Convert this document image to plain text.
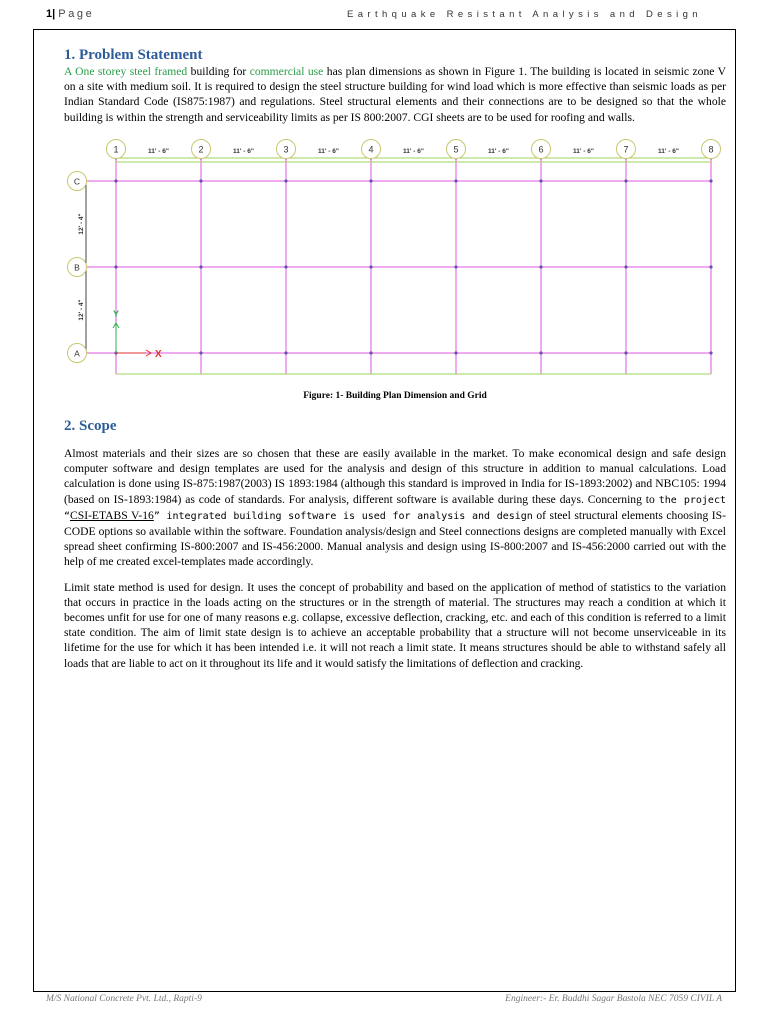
1| Page	Earthquake Resistant Analysis and Design
1. Problem Statement

A One storey steel framed building for commercial use has plan dimensions as shown in Figure 1. The building is located in seismic zone V on a site with medium soil. It is required to design the steel structure building for wind load which is more effective than seismic loads as per Indian Standard Code (IS875:1987) and regulations. Steel structural elements and their connections are to be designed so that the whole building is within the strength and serviceability limits as per IS 800:2007. CGI sheets are to be used for roofing and walls.

1	2	3	4	5	6	7	8
11' - 6"	11' - 6"	11' - 6"	11' - 6"	11' - 6"	11' - 6"	11' - 6"
C
B
A
12' - 4"
12' - 4"
X
Y
Figure: 1- Building Plan Dimension and Grid
2. Scope

Almost materials and their sizes are so chosen that these are easily available in the market. To make economical design and safe design computer software and design templates are used for the analysis and design of this structure in addition to manual calculations. Load calculation is done using IS-875:1987(2003) IS 1893:1984 (although this standard is improved in India for IS-1893:2002) and NBC105: 1994 (based on IS-1893:1984) as code of standards. For analysis, different software is available during these days. Concerning to the project “CSI-ETABS V-16” integrated building software is used for analysis and design of steel structural elements choosing IS-CODE options so available within the software. Foundation analysis/design and Steel connections designs are completed manually with Excel spread sheet confirming IS-800:2007 and IS-456:2000. Manual analysis and design using IS-800:2007 and IS-456:2000 carried out with the help of me created excel-templates made accordingly.

Limit state method is used for design. It uses the concept of probability and based on the application of method of statistics to the variation that occurs in practice in the loads acting on the structures or in the strength of material. The structures may reach a condition at which it becomes unfit for use for one of many reasons e.g. collapse, excessive deflection, cracking, etc. and each of this condition is referred to a limit state condition. The aim of limit state design is to achieve an acceptable probability that a structure will not become unserviceable in its lifetime for the use for which it has been intended i.e. it will not reach a limit state. It means structures should be able to withstand safely all loads that are liable to act on it throughout its life and it would satisfy the limitations of deflection and cracking.

M/S National Concrete Pvt. Ltd., Rapti-9	Engineer:- Er. Buddhi Sagar Bastola NEC 7059 CIVIL A
